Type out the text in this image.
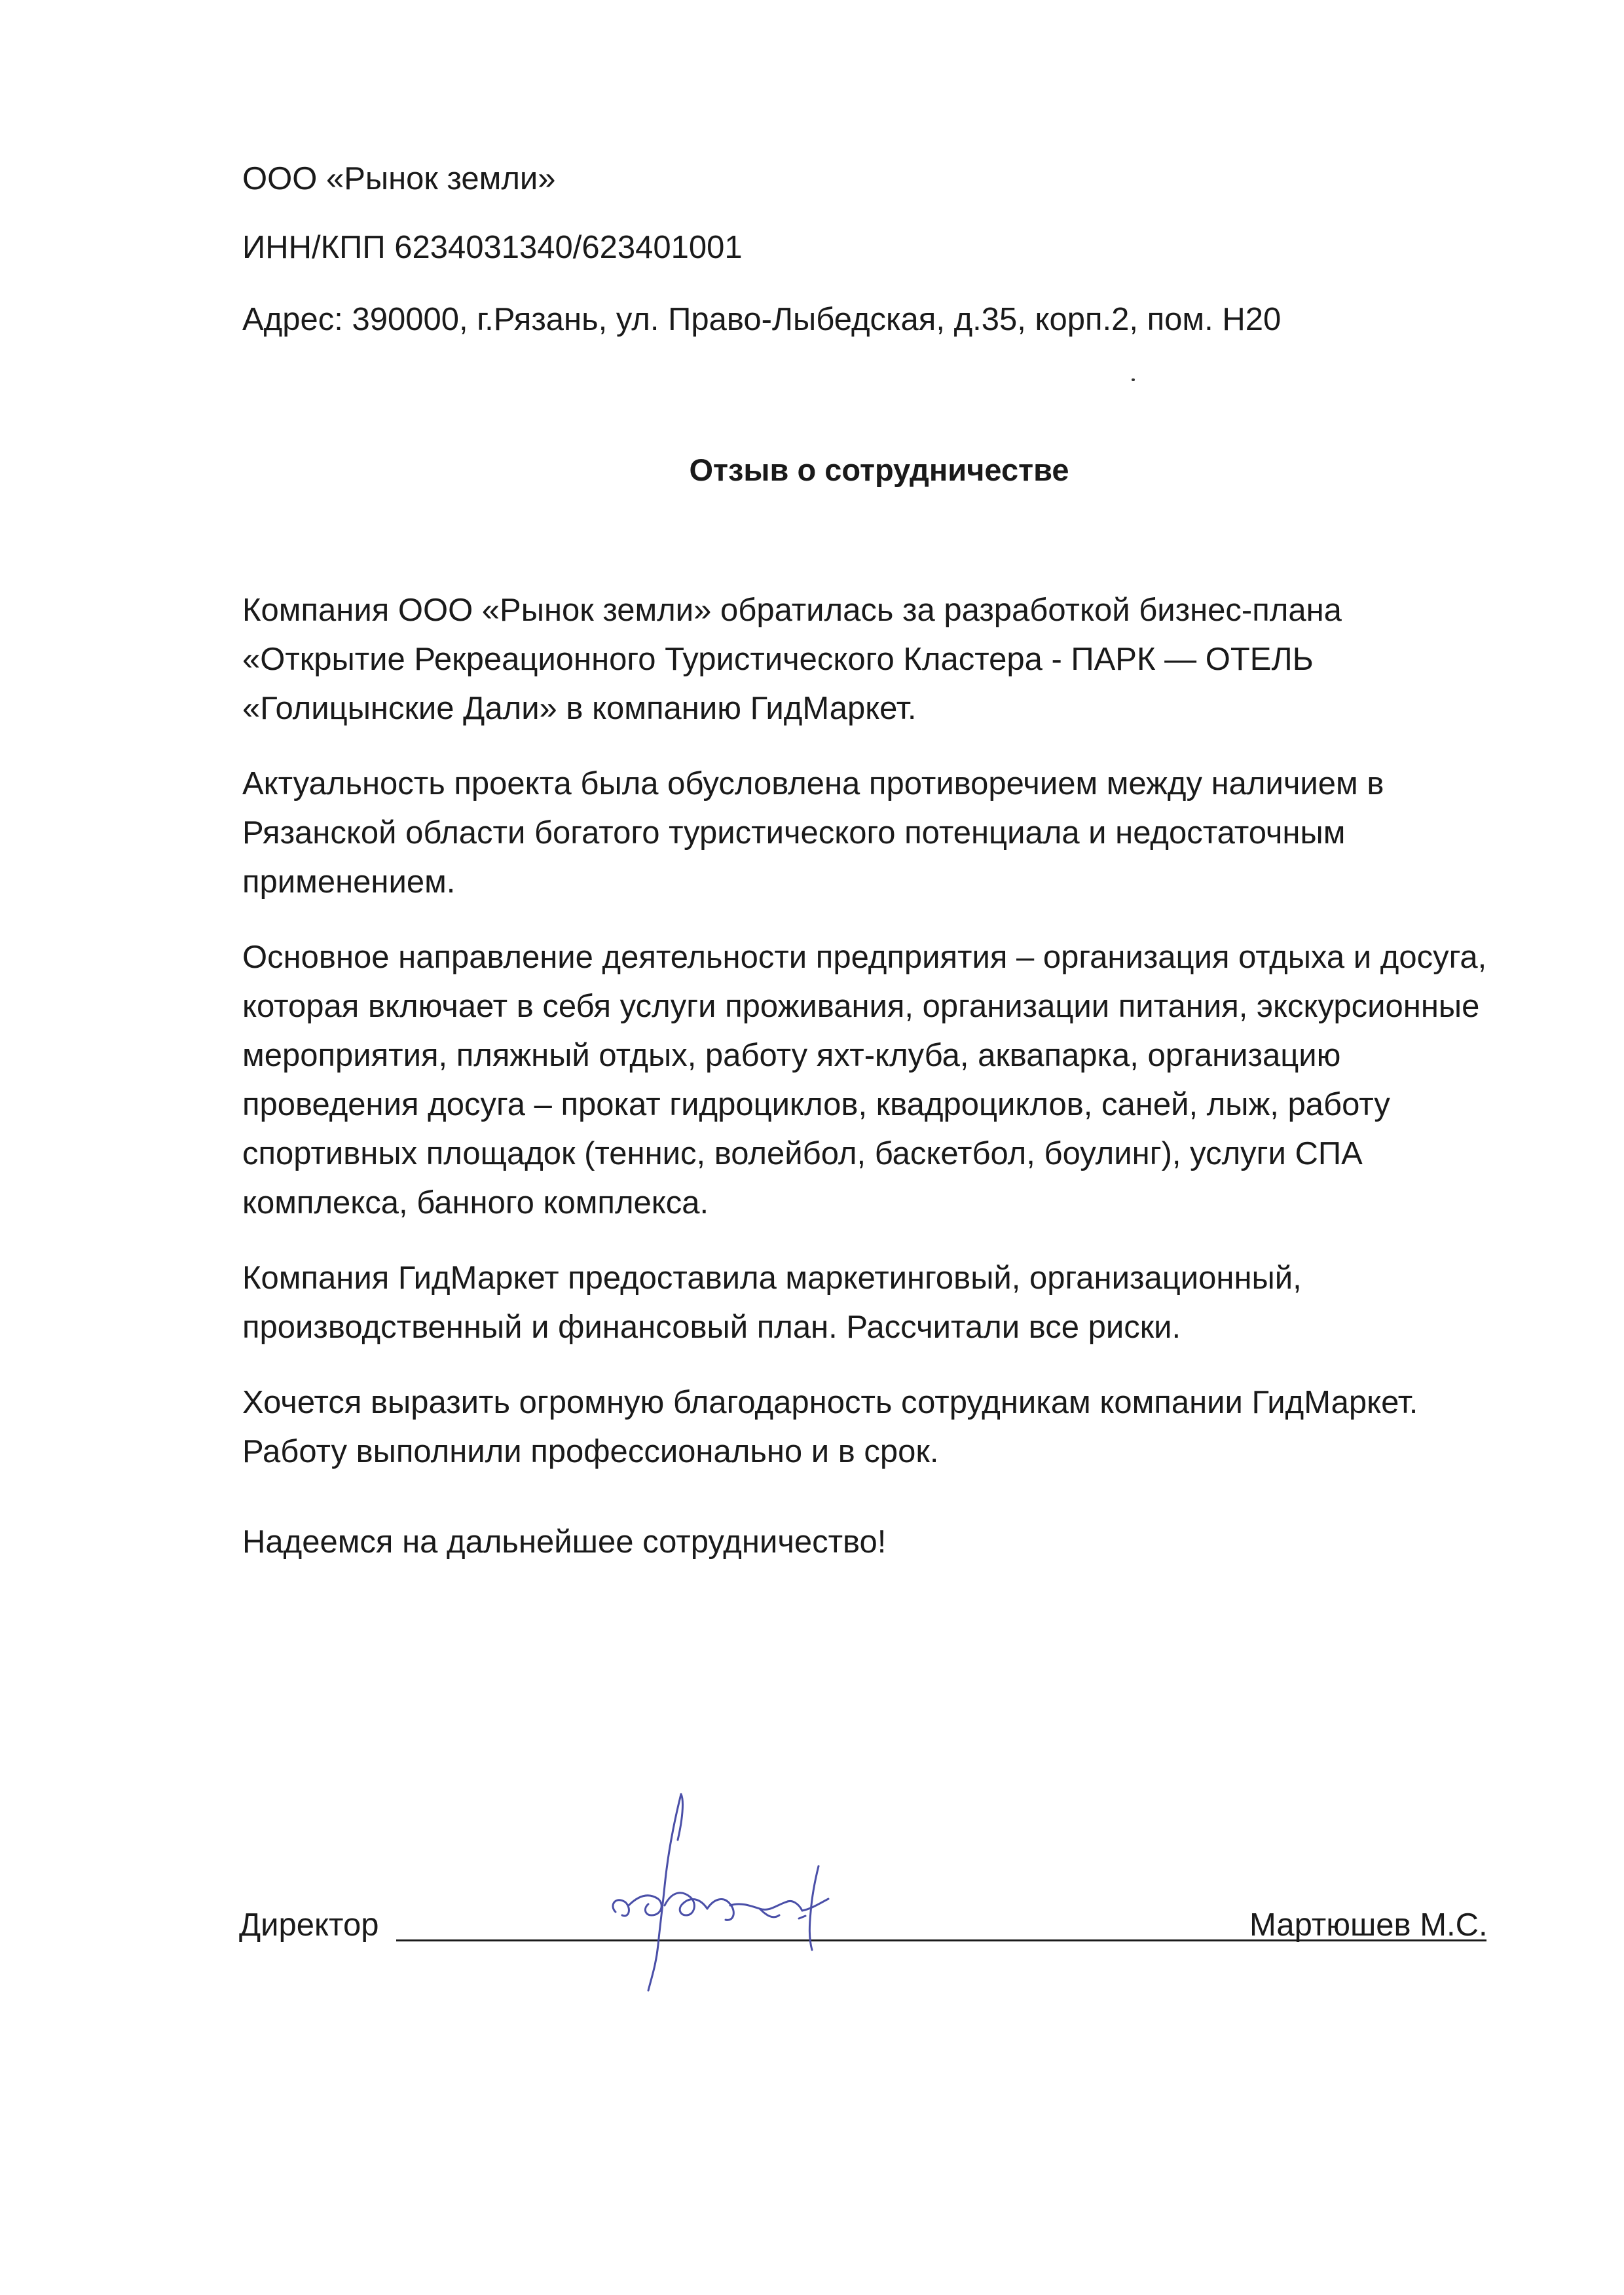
ООО «Рынок земли»
ИНН/КПП 6234031340/623401001
Адрес: 390000, г.Рязань, ул. Право-Лыбедская, д.35, корп.2, пом. Н20
Отзыв о сотрудничестве

Компания ООО «Рынок земли» обратилась за разработкой бизнес-плана «Открытие Рекреационного Туристического Кластера - ПАРК — ОТЕЛЬ «Голицынские Дали» в компанию ГидМаркет.

Актуальность проекта была обусловлена противоречием между наличием в Рязанской области богатого туристического потенциала и недостаточным применением.

Основное направление деятельности предприятия – организация отдыха и досуга, которая включает в себя услуги проживания, организации питания, экскурсионные мероприятия, пляжный отдых, работу яхт-клуба, аквапарка, организацию проведения досуга – прокат гидроциклов, квадроциклов, саней, лыж, работу спортивных площадок (теннис, волейбол, баскетбол, боулинг), услуги СПА комплекса, банного комплекса.

Компания ГидМаркет предоставила маркетинговый, организационный, производственный и финансовый план. Рассчитали все риски.

Хочется выразить огромную благодарность сотрудникам компании ГидМаркет. Работу выполнили профессионально и в срок.

Надеемся на дальнейшее сотрудничество!

Директор	Мартюшев М.С.
